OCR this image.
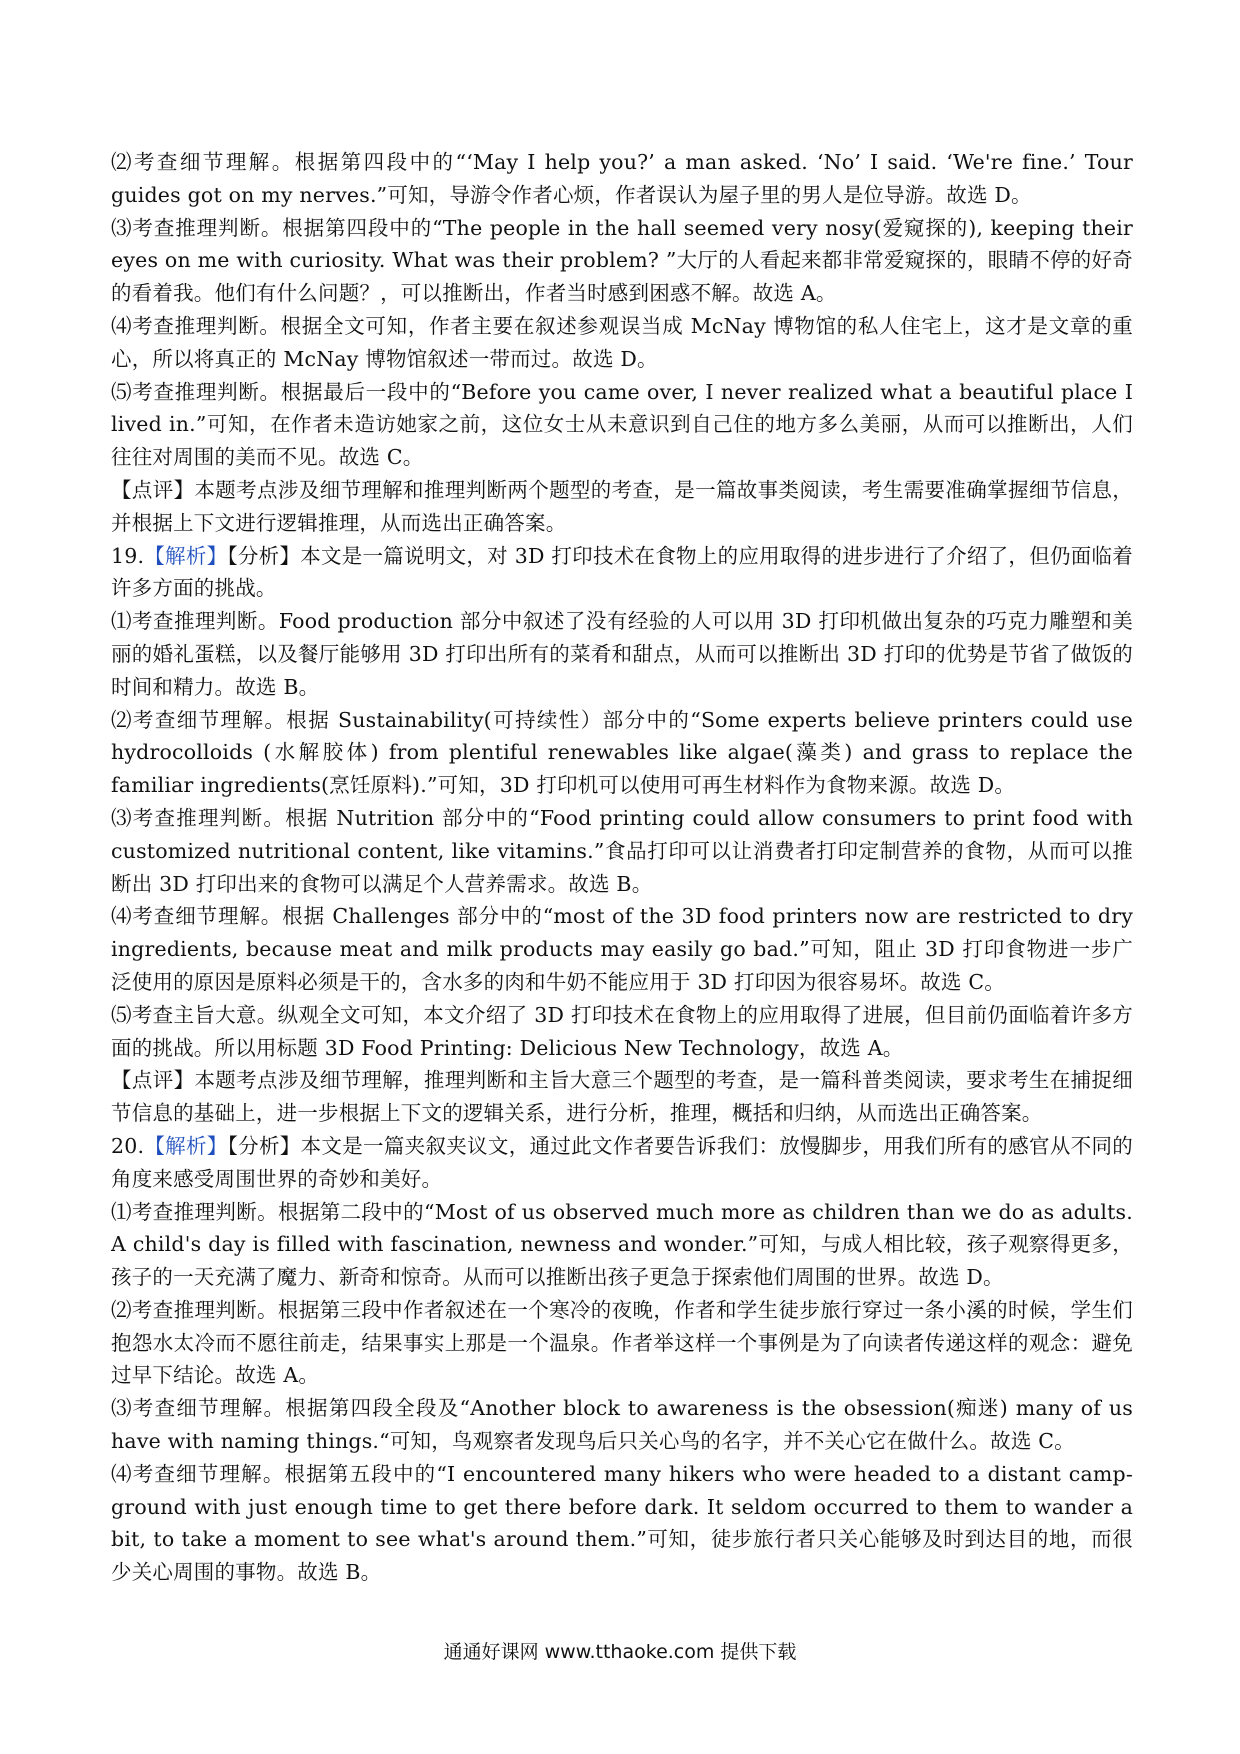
⑵考查细节理解。根据第四段中的“‘May I help you?’ a man asked. ‘No’ I said. ‘We're fine.’ Tour guides got on my nerves.”可知，导游令作者心烦，作者误认为屋子里的男人是位导游。故选 D。

⑶考查推理判断。根据第四段中的“The people in the hall seemed very nosy(爱窥探的), keeping their eyes on me with curiosity. What was their problem? ”大厅的人看起来都非常爱窥探的，眼睛不停的好奇的看着我。他们有什么问题？，可以推断出，作者当时感到困惑不解。故选 A。

⑷考查推理判断。根据全文可知，作者主要在叙述参观误当成 McNay 博物馆的私人住宅上，这才是文章的重心，所以将真正的 McNay 博物馆叙述一带而过。故选 D。

⑸考查推理判断。根据最后一段中的“Before you came over, I never realized what a beautiful place I lived in.”可知，在作者未造访她家之前，这位女士从未意识到自己住的地方多么美丽，从而可以推断出，人们往往对周围的美而不见。故选 C。

【点评】本题考点涉及细节理解和推理判断两个题型的考查，是一篇故事类阅读，考生需要准确掌握细节信息，并根据上下文进行逻辑推理，从而选出正确答案。

19.【解析】【分析】本文是一篇说明文，对 3D 打印技术在食物上的应用取得的进步进行了介绍了，但仍面临着许多方面的挑战。

⑴考查推理判断。Food production 部分中叙述了没有经验的人可以用 3D 打印机做出复杂的巧克力雕塑和美丽的婚礼蛋糕，以及餐厅能够用 3D 打印出所有的菜肴和甜点，从而可以推断出 3D 打印的优势是节省了做饭的时间和精力。故选 B。

⑵考查细节理解。根据 Sustainability(可持续性）部分中的“Some experts believe printers could use hydrocolloids (水解胶体) from plentiful renewables like algae(藻类) and grass to replace the familiar ingredients(烹饪原料).”可知，3D 打印机可以使用可再生材料作为食物来源。故选 D。

⑶考查推理判断。根据 Nutrition 部分中的“Food printing could allow consumers to print food with customized nutritional content, like vitamins.”食品打印可以让消费者打印定制营养的食物，从而可以推断出 3D 打印出来的食物可以满足个人营养需求。故选 B。

⑷考查细节理解。根据 Challenges 部分中的“most of the 3D food printers now are restricted to dry ingredients, because meat and milk products may easily go bad.”可知，阻止 3D 打印食物进一步广泛使用的原因是原料必须是干的，含水多的肉和牛奶不能应用于 3D 打印因为很容易坏。故选 C。

⑸考查主旨大意。纵观全文可知，本文介绍了 3D 打印技术在食物上的应用取得了进展，但目前仍面临着许多方面的挑战。所以用标题 3D Food Printing: Delicious New Technology，故选 A。

【点评】本题考点涉及细节理解，推理判断和主旨大意三个题型的考查，是一篇科普类阅读，要求考生在捕捉细节信息的基础上，进一步根据上下文的逻辑关系，进行分析，推理，概括和归纳，从而选出正确答案。

20.【解析】【分析】本文是一篇夹叙夹议文，通过此文作者要告诉我们：放慢脚步，用我们所有的感官从不同的角度来感受周围世界的奇妙和美好。

⑴考查推理判断。根据第二段中的“Most of us observed much more as children than we do as adults. A child's day is filled with fascination, newness and wonder.”可知，与成人相比较，孩子观察得更多，孩子的一天充满了魔力、新奇和惊奇。从而可以推断出孩子更急于探索他们周围的世界。故选 D。

⑵考查推理判断。根据第三段中作者叙述在一个寒冷的夜晚，作者和学生徒步旅行穿过一条小溪的时候，学生们抱怨水太冷而不愿往前走，结果事实上那是一个温泉。作者举这样一个事例是为了向读者传递这样的观念：避免过早下结论。故选 A。

⑶考查细节理解。根据第四段全段及“Another block to awareness is the obsession(痴迷) many of us have with naming things.“可知，鸟观察者发现鸟后只关心鸟的名字，并不关心它在做什么。故选 C。

⑷考查细节理解。根据第五段中的“I encountered many hikers who were headed to a distant camp-ground with just enough time to get there before dark. It seldom occurred to them to wander a bit, to take a moment to see what's around them.”可知，徒步旅行者只关心能够及时到达目的地，而很少关心周围的事物。故选 B。

通通好课网 www.tthaoke.com 提供下载
